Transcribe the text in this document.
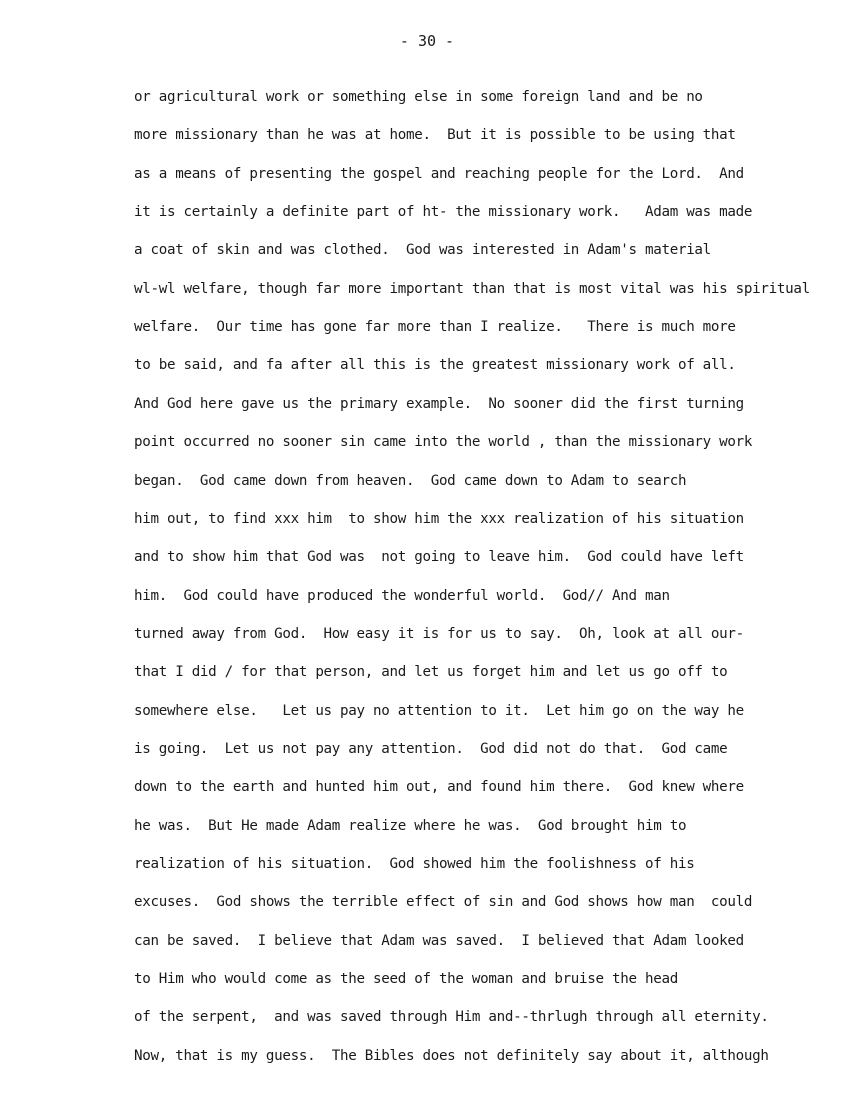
- 30 -
or agricultural work or something else in some foreign land and be no
more missionary than he was at home.  But it is possible to be using that
as a means of presenting the gospel and reaching people for the Lord.  And
it is certainly a definite part of ht- the missionary work.   Adam was made
a coat of skin and was clothed.  God was interested in Adam's material
wl-wl welfare, though far more important than that is most vital was his spiritual
welfare.  Our time has gone far more than I realize.   There is much more
to be said, and fa after all this is the greatest missionary work of all.
And God here gave us the primary example.  No sooner did the first turning
point occurred no sooner sin came into the world , than the missionary work
began.  God came down from heaven.  God came down to Adam to search
him out, to find xxx him  to show him the xxx realization of his situation
and to show him that God was  not going to leave him.  God could have left
him.  God could have produced the wonderful world.  God// And man
turned away from God.  How easy it is for us to say.  Oh, look at all our-
that I did / for that person, and let us forget him and let us go off to
somewhere else.   Let us pay no attention to it.  Let him go on the way he
is going.  Let us not pay any attention.  God did not do that.  God came
down to the earth and hunted him out, and found him there.  God knew where
he was.  But He made Adam realize where he was.  God brought him to
realization of his situation.  God showed him the foolishness of his
excuses.  God shows the terrible effect of sin and God shows how man  could
can be saved.  I believe that Adam was saved.  I believed that Adam looked
to Him who would come as the seed of the woman and bruise the head
of the serpent,  and was saved through Him and--thrlugh through all eternity.
Now, that is my guess.  The Bibles does not definitely say about it, although
